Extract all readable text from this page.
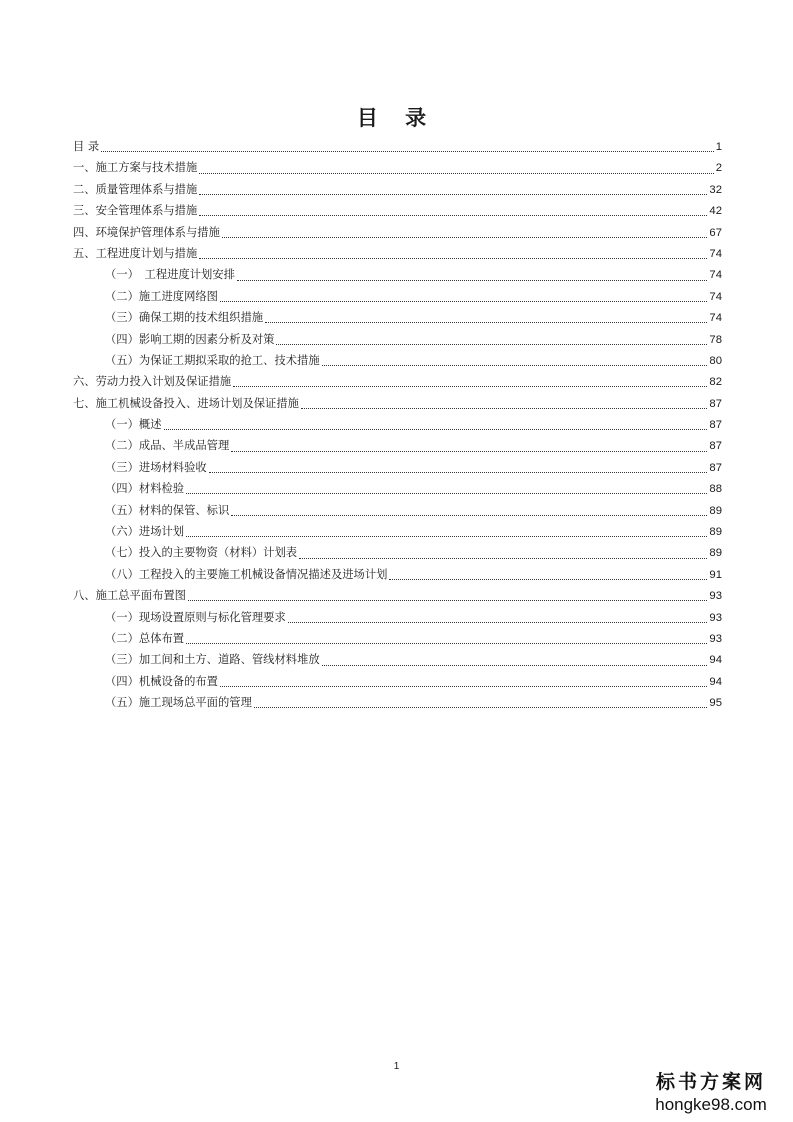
目 录
目 录	1
一、施工方案与技术措施	2
二、质量管理体系与措施	32
三、安全管理体系与措施	42
四、环境保护管理体系与措施	67
五、工程进度计划与措施	74
（一）　工程进度计划安排	74
（二）施工进度网络图	74
（三）确保工期的技术组织措施	74
（四）影响工期的因素分析及对策	78
（五）为保证工期拟采取的抢工、技术措施	80
六、劳动力投入计划及保证措施	82
七、施工机械设备投入、进场计划及保证措施	87
（一）概述	87
（二）成品、半成品管理	87
（三）进场材料验收	87
（四）材料检验	88
（五）材料的保管、标识	89
（六）进场计划	89
（七）投入的主要物资（材料）计划表	89
（八）工程投入的主要施工机械设备情况描述及进场计划	91
八、施工总平面布置图	93
（一）现场设置原则与标化管理要求	93
（二）总体布置	93
（三）加工间和土方、道路、管线材料堆放	94
（四）机械设备的布置	94
（五）施工现场总平面的管理	95
1
标书方案网
hongke98.com
